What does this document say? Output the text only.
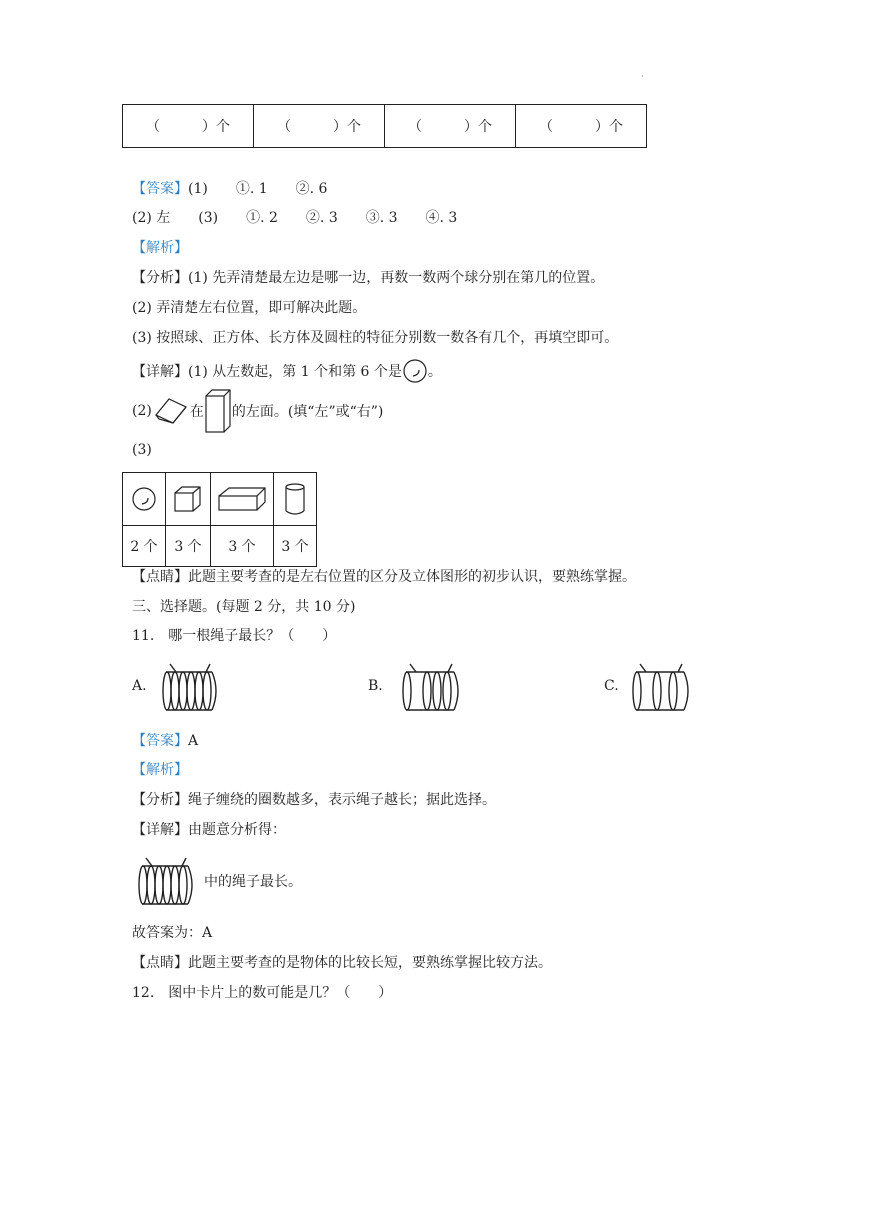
·
（　　　）个	（　　　）个	（　　　）个	（　　　）个
【答案】(1)　　①. 1　　②. 6
(2) 左　　(3)　　①. 2　　②. 3　　③. 3　　④. 3
【解析】
【分析】(1) 先弄清楚最左边是哪一边，再数一数两个球分别在第几的位置。
(2) 弄清楚左右位置，即可解决此题。
(3) 按照球、正方体、长方体及圆柱的特征分别数一数各有几个，再填空即可。
【详解】 (1) 从左数起，第 1 个和第 6 个是 。
(2)	在 的左面。(填“左”或“右”)
(3)

2 个	3 个	3 个	3 个
【点睛】此题主要考查的是左右位置的区分及立体图形的初步认识，要熟练掌握。
三、选择题。(每题 2 分，共 10 分)
11.　哪一根绳子最长？（　　）
A.	B.	C.
【答案】A
【解析】
【分析】绳子缠绕的圈数越多，表示绳子越长；据此选择。
【详解】由题意分析得：
中的绳子最长。
故答案为：A
【点睛】此题主要考查的是物体的比较长短，要熟练掌握比较方法。
12.　图中卡片上的数可能是几？（　　）
